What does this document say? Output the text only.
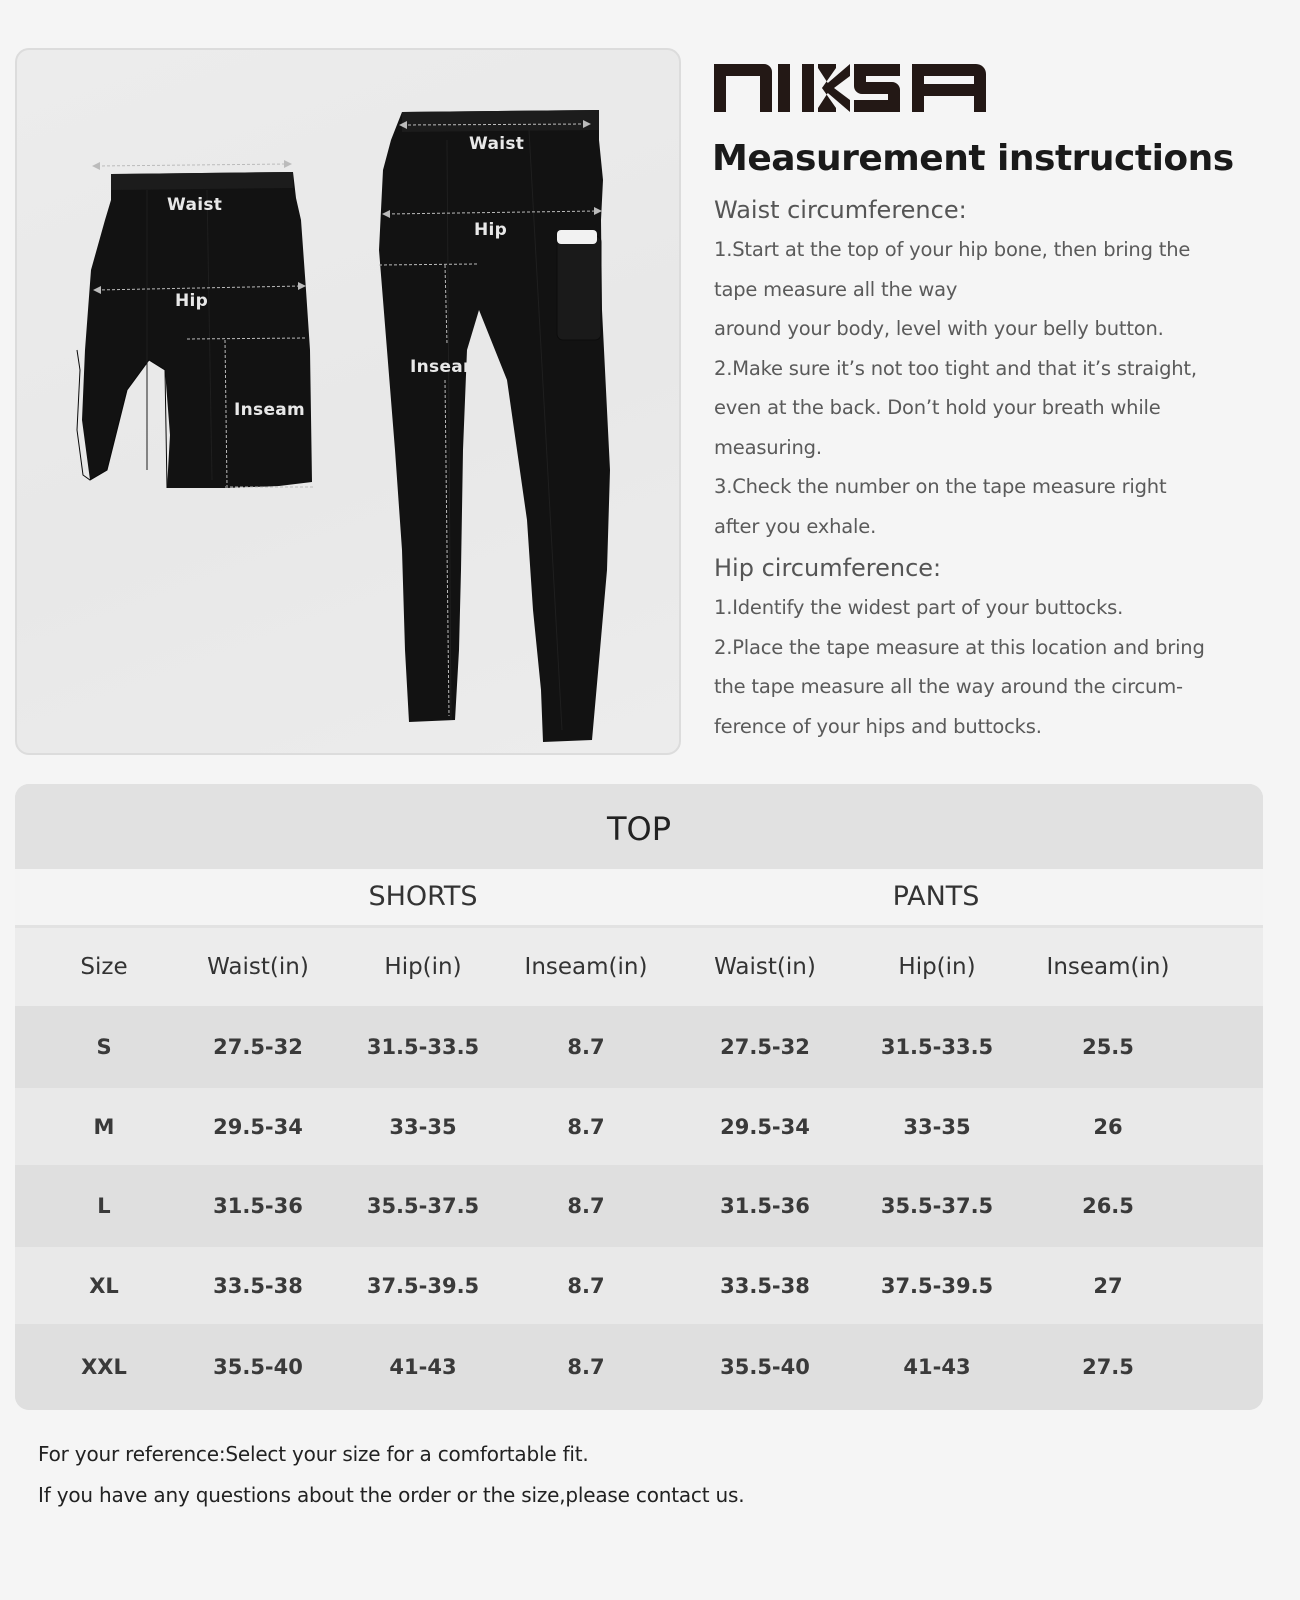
Waist
Hip
Inseam
Waist
Hip
Inseam
Measurement instructions
Waist circumference:
1.Start at the top of your hip bone, then bring the
tape measure all the way
around your body, level with your belly button.
2.Make sure it’s not too tight and that it’s straight,
even at the back. Don’t hold your breath while
measuring.
3.Check the number on the tape measure right
after you exhale.
Hip circumference:
1.Identify the widest part of your buttocks.
2.Place the tape measure at this location and bring
the tape measure all the way around the circum-
ference of your hips and buttocks.
TOP
SHORTS	PANTS
Size	Waist(in)	Hip(in)	Inseam(in)	Waist(in)	Hip(in)	Inseam(in)
S	27.5-32	31.5-33.5	8.7	27.5-32	31.5-33.5	25.5
M	29.5-34	33-35	8.7	29.5-34	33-35	26
L	31.5-36	35.5-37.5	8.7	31.5-36	35.5-37.5	26.5
XL	33.5-38	37.5-39.5	8.7	33.5-38	37.5-39.5	27
XXL	35.5-40	41-43	8.7	35.5-40	41-43	27.5
For your reference:Select your size for a comfortable fit.
If you have any questions about the order or the size,please contact us.
